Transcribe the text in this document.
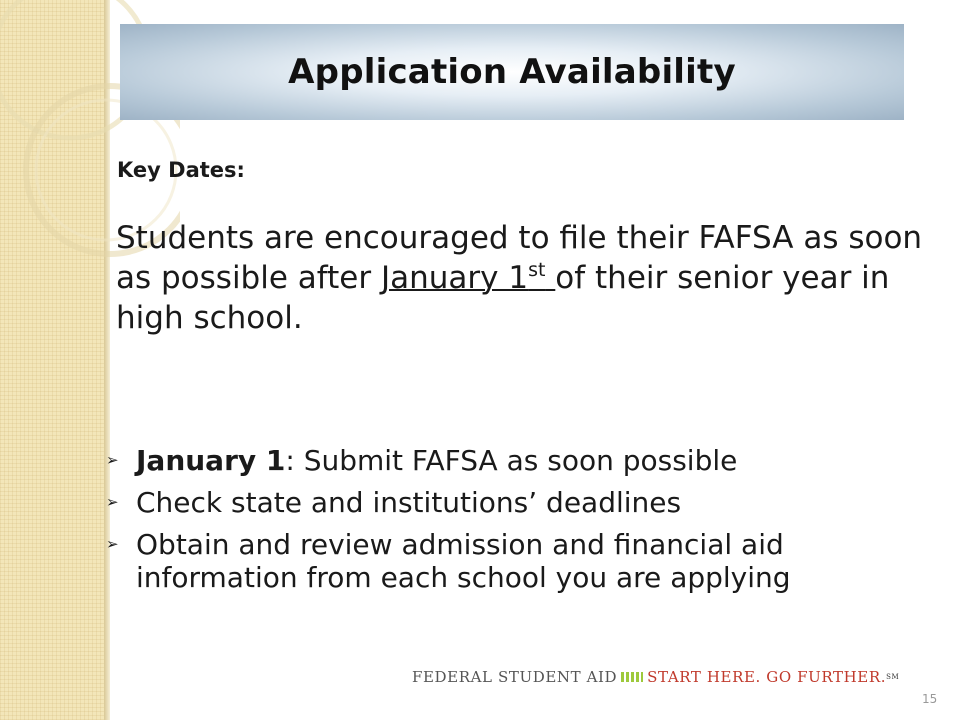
Application Availability
Key Dates:
Students are encouraged to file their FAFSA as soon as possible after January 1st of their senior year in high school.
➢ January 1: Submit FAFSA as soon possible
➢ Check state and institutions’ deadlines
➢ Obtain and review admission and financial aid information from each school you are applying
FEDERAL STUDENT AID START HERE. GO FURTHER. SM
15
